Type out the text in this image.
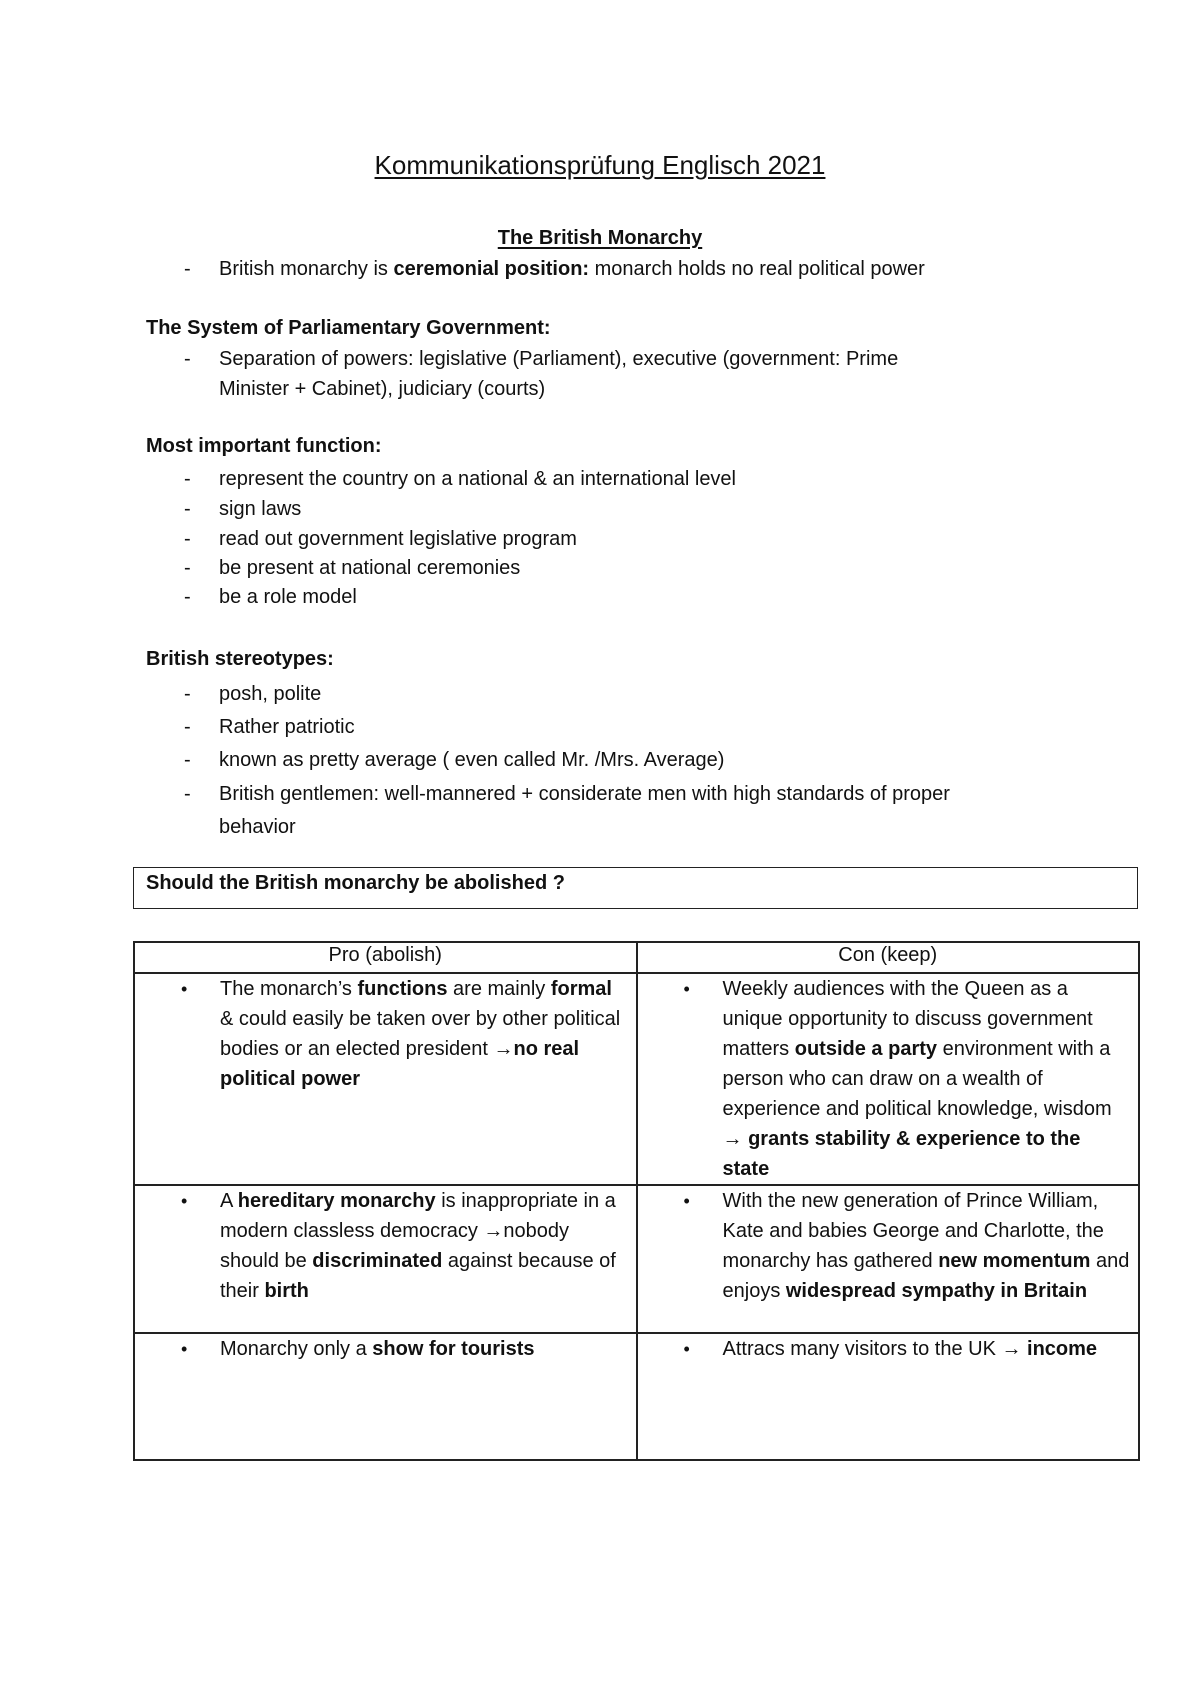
Kommunikationsprüfung Englisch 2021
The British Monarchy
- British monarchy is ceremonial position: monarch holds no real political power
The System of Parliamentary Government:
- Separation of powers: legislative (Parliament), executive (government: Prime
Minister + Cabinet), judiciary (courts)
Most important function:
- represent the country on a national & an international level
- sign laws
- read out government legislative program
- be present at national ceremonies
- be a role model
British stereotypes:
- posh, polite
- Rather patriotic
- known as pretty average ( even called Mr. /Mrs. Average)
- British gentlemen: well-mannered + considerate men with high standards of proper
behavior
Should the British monarchy be abolished ?
Pro (abolish)	Con (keep)

• The monarch’s functions are mainly formal & could easily be taken over by other political bodies or an elected president →no real political power	• Weekly audiences with the Queen as a unique opportunity to discuss government matters outside a party environment with a person who can draw on a wealth of experience and political knowledge, wisdom → grants stability & experience to the state

• A hereditary monarchy is inappropriate in a modern classless democracy →nobody should be discriminated against because of their birth	• With the new generation of Prince William, Kate and babies George and Charlotte, the monarchy has gathered new momentum and enjoys widespread sympathy in Britain

• Monarchy only a show for tourists	• Attracs many visitors to the UK → income
